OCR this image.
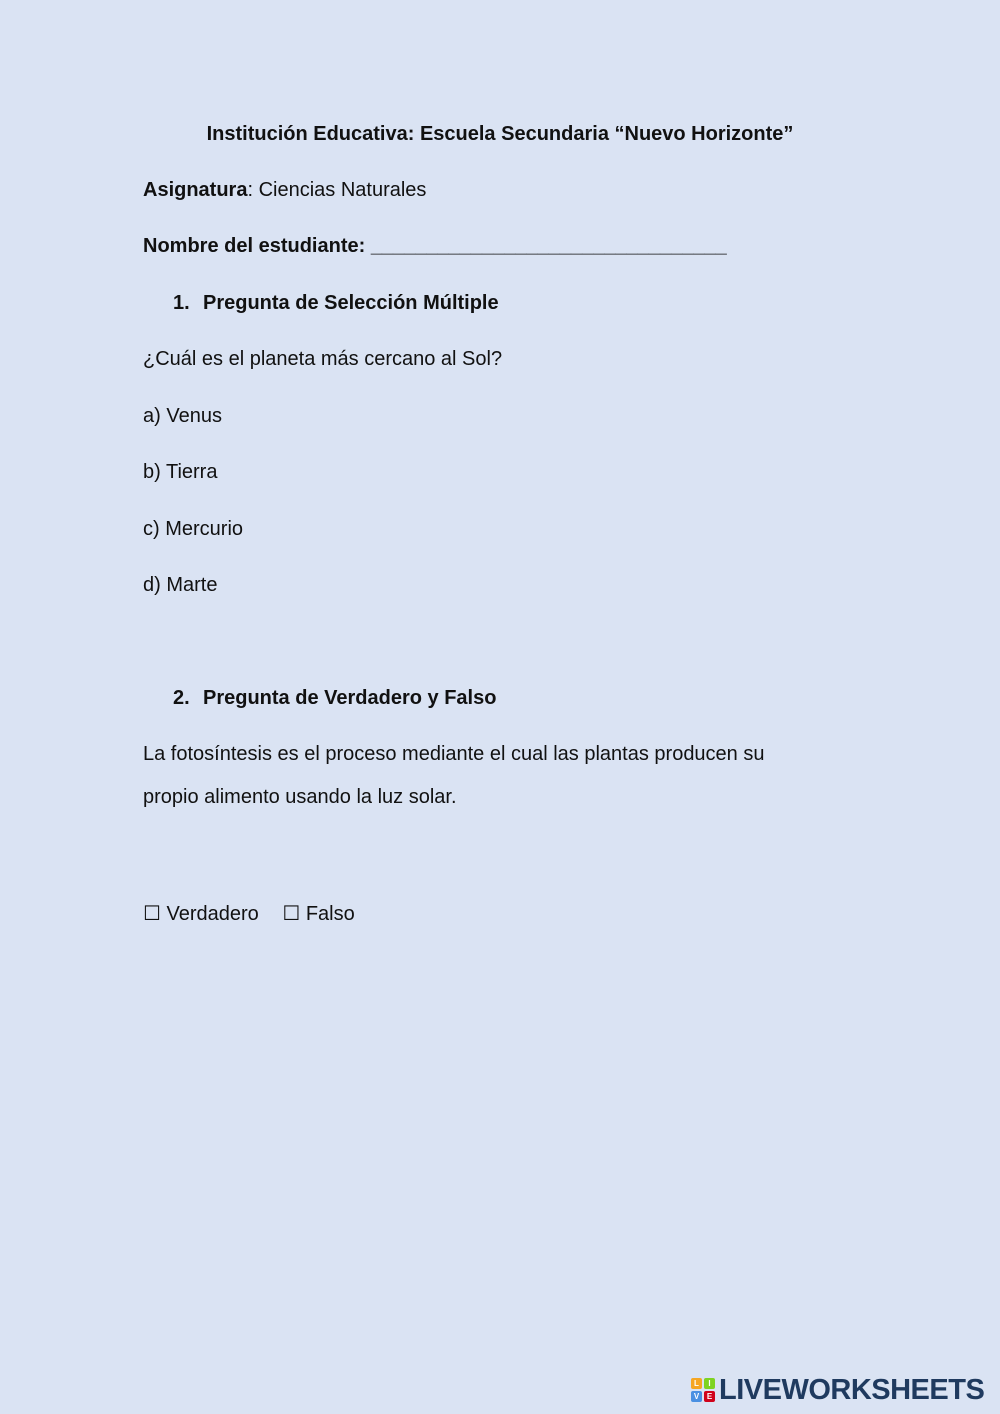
Institución Educativa: Escuela Secundaria “Nuevo Horizonte”
Asignatura: Ciencias Naturales
Nombre del estudiante: ________________________________
1. Pregunta de Selección Múltiple
¿Cuál es el planeta más cercano al Sol?
a) Venus
b) Tierra
c) Mercurio
d) Marte
2. Pregunta de Verdadero y Falso
La fotosíntesis es el proceso mediante el cual las plantas producen su propio alimento usando la luz solar.
☐ Verdadero ☐ Falso
L	I
V E LIVEWORKSHEETS
